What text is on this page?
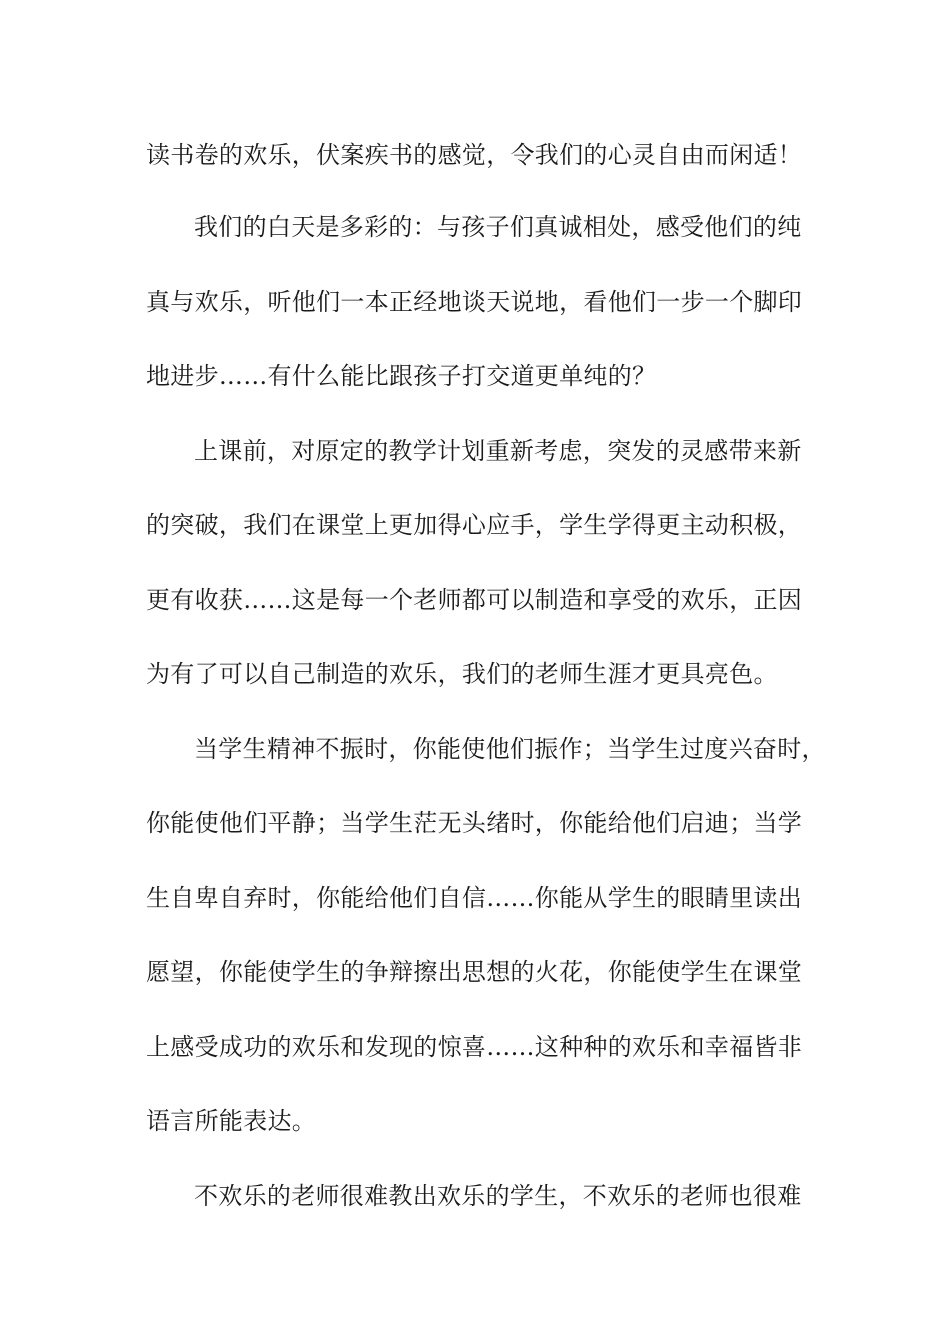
读书卷的欢乐，伏案疾书的感觉，令我们的心灵自由而闲适！
我们的白天是多彩的：与孩子们真诚相处，感受他们的纯
真与欢乐，听他们一本正经地谈天说地，看他们一步一个脚印
地进步……有什么能比跟孩子打交道更单纯的？
上课前，对原定的教学计划重新考虑，突发的灵感带来新
的突破，我们在课堂上更加得心应手，学生学得更主动积极，
更有收获……这是每一个老师都可以制造和享受的欢乐，正因
为有了可以自己制造的欢乐，我们的老师生涯才更具亮色。
当学生精神不振时，你能使他们振作；当学生过度兴奋时，
你能使他们平静；当学生茫无头绪时，你能给他们启迪；当学
生自卑自弃时，你能给他们自信……你能从学生的眼睛里读出
愿望，你能使学生的争辩擦出思想的火花，你能使学生在课堂
上感受成功的欢乐和发现的惊喜……这种种的欢乐和幸福皆非
语言所能表达。
不欢乐的老师很难教出欢乐的学生，不欢乐的老师也很难
